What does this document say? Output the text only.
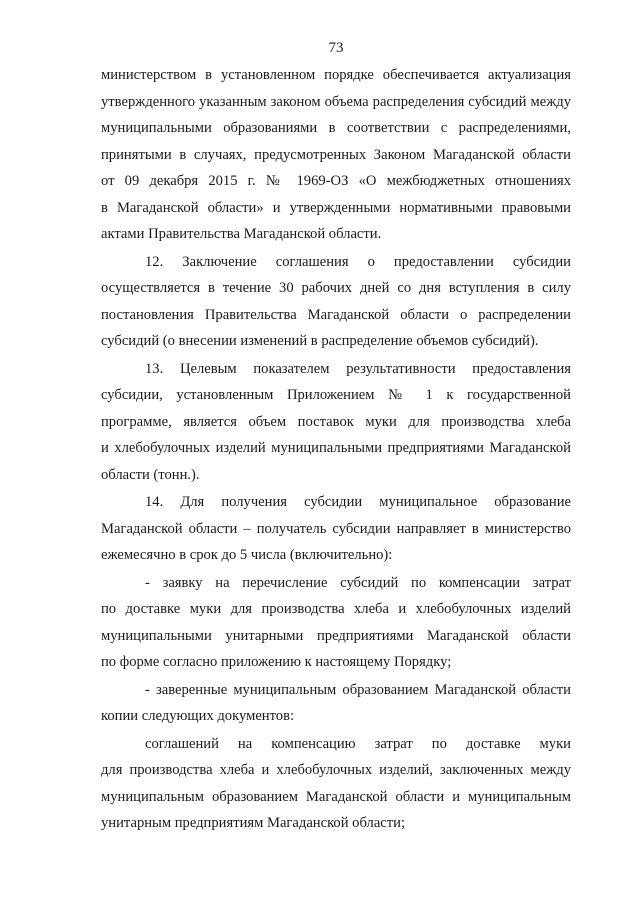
73
министерством в установленном порядке обеспечивается актуализация
утвержденного указанным законом объема распределения субсидий между
муниципальными образованиями в соответствии с распределениями,
принятыми в случаях, предусмотренных Законом Магаданской области
от 09 декабря 2015 г. № 1969-ОЗ «О межбюджетных отношениях
в Магаданской области» и утвержденными нормативными правовыми
актами Правительства Магаданской области.
12. Заключение соглашения о предоставлении субсидии
осуществляется в течение 30 рабочих дней со дня вступления в силу
постановления Правительства Магаданской области о распределении
субсидий (о внесении изменений в распределение объемов субсидий).
13. Целевым показателем результативности предоставления
субсидии, установленным Приложением № 1 к государственной
программе, является объем поставок муки для производства хлеба
и хлебобулочных изделий муниципальными предприятиями Магаданской
области (тонн.).
14. Для получения субсидии муниципальное образование
Магаданской области – получатель субсидии направляет в министерство
ежемесячно в срок до 5 числа (включительно):
- заявку на перечисление субсидий по компенсации затрат
по доставке муки для производства хлеба и хлебобулочных изделий
муниципальными унитарными предприятиями Магаданской области
по форме согласно приложению к настоящему Порядку;
- заверенные муниципальным образованием Магаданской области
копии следующих документов:
соглашений на компенсацию затрат по доставке муки
для производства хлеба и хлебобулочных изделий, заключенных между
муниципальным образованием Магаданской области и муниципальным
унитарным предприятиям Магаданской области;
